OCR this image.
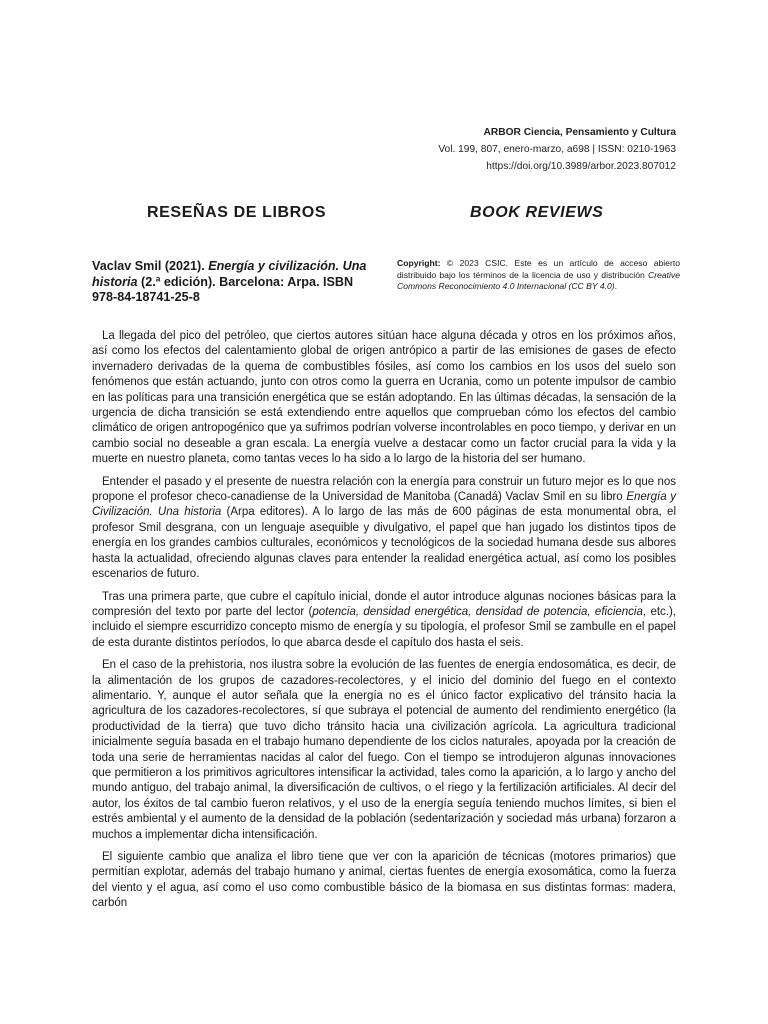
ARBOR Ciencia, Pensamiento y Cultura
Vol. 199, 807, enero-marzo, a698 | ISSN: 0210-1963
https://doi.org/10.3989/arbor.2023.807012
RESEÑAS DE LIBROS	BOOK REVIEWS
Vaclav Smil (2021). Energía y civilización. Una historia (2.ª edición). Barcelona: Arpa. ISBN 978-84-18741-25-8
Copyright: © 2023 CSIC. Este es un artículo de acceso abierto distribuido bajo los términos de la licencia de uso y distribución Creative Commons Reconocimiento 4.0 Internacional (CC BY 4.0).

La llegada del pico del petróleo, que ciertos autores sitúan hace alguna década y otros en los próximos años, así como los efectos del calentamiento global de origen antrópico a partir de las emisiones de gases de efecto invernadero derivadas de la quema de combustibles fósiles, así como los cambios en los usos del suelo son fenómenos que están actuando, junto con otros como la guerra en Ucrania, como un potente impulsor de cambio en las políticas para una transición energética que se están adoptando. En las últimas décadas, la sensación de la urgencia de dicha transición se está extendiendo entre aquellos que comprueban cómo los efectos del cambio climático de origen antropogénico que ya sufrimos podrían volverse incontrolables en poco tiempo, y derivar en un cambio social no deseable a gran escala. La energía vuelve a destacar como un factor crucial para la vida y la muerte en nuestro planeta, como tantas veces lo ha sido a lo largo de la historia del ser humano.

Entender el pasado y el presente de nuestra relación con la energía para construir un futuro mejor es lo que nos propone el profesor checo-canadiense de la Universidad de Manitoba (Canadá) Vaclav Smil en su libro Energía y Civilización. Una historia (Arpa editores). A lo largo de las más de 600 páginas de esta monumental obra, el profesor Smil desgrana, con un lenguaje asequible y divulgativo, el papel que han jugado los distintos tipos de energía en los grandes cambios culturales, económicos y tecnológicos de la sociedad humana desde sus albores hasta la actualidad, ofreciendo algunas claves para entender la realidad energética actual, así como los posibles escenarios de futuro.

Tras una primera parte, que cubre el capítulo inicial, donde el autor introduce algunas nociones básicas para la compresión del texto por parte del lector (potencia, densidad energética, densidad de potencia, eficiencia, etc.), incluido el siempre escurridizo concepto mismo de energía y su tipología, el profesor Smil se zambulle en el papel de esta durante distintos períodos, lo que abarca desde el capítulo dos hasta el seis.

En el caso de la prehistoria, nos ilustra sobre la evolución de las fuentes de energía endosomática, es decir, de la alimentación de los grupos de cazadores-recolectores, y el inicio del dominio del fuego en el contexto alimentario. Y, aunque el autor señala que la energía no es el único factor explicativo del tránsito hacia la agricultura de los cazadores-recolectores, sí que subraya el potencial de aumento del rendimiento energético (la productividad de la tierra) que tuvo dicho tránsito hacia una civilización agrícola. La agricultura tradicional inicialmente seguía basada en el trabajo humano dependiente de los ciclos naturales, apoyada por la creación de toda una serie de herramientas nacidas al calor del fuego. Con el tiempo se introdujeron algunas innovaciones que permitieron a los primitivos agricultores intensificar la actividad, tales como la aparición, a lo largo y ancho del mundo antiguo, del trabajo animal, la diversificación de cultivos, o el riego y la fertilización artificiales. Al decir del autor, los éxitos de tal cambio fueron relativos, y el uso de la energía seguía teniendo muchos límites, si bien el estrés ambiental y el aumento de la densidad de la población (sedentarización y sociedad más urbana) forzaron a muchos a implementar dicha intensificación.

El siguiente cambio que analiza el libro tiene que ver con la aparición de técnicas (motores primarios) que permitían explotar, además del trabajo humano y animal, ciertas fuentes de energía exosomática, como la fuerza del viento y el agua, así como el uso como combustible básico de la biomasa en sus distintas formas: madera, carbón
